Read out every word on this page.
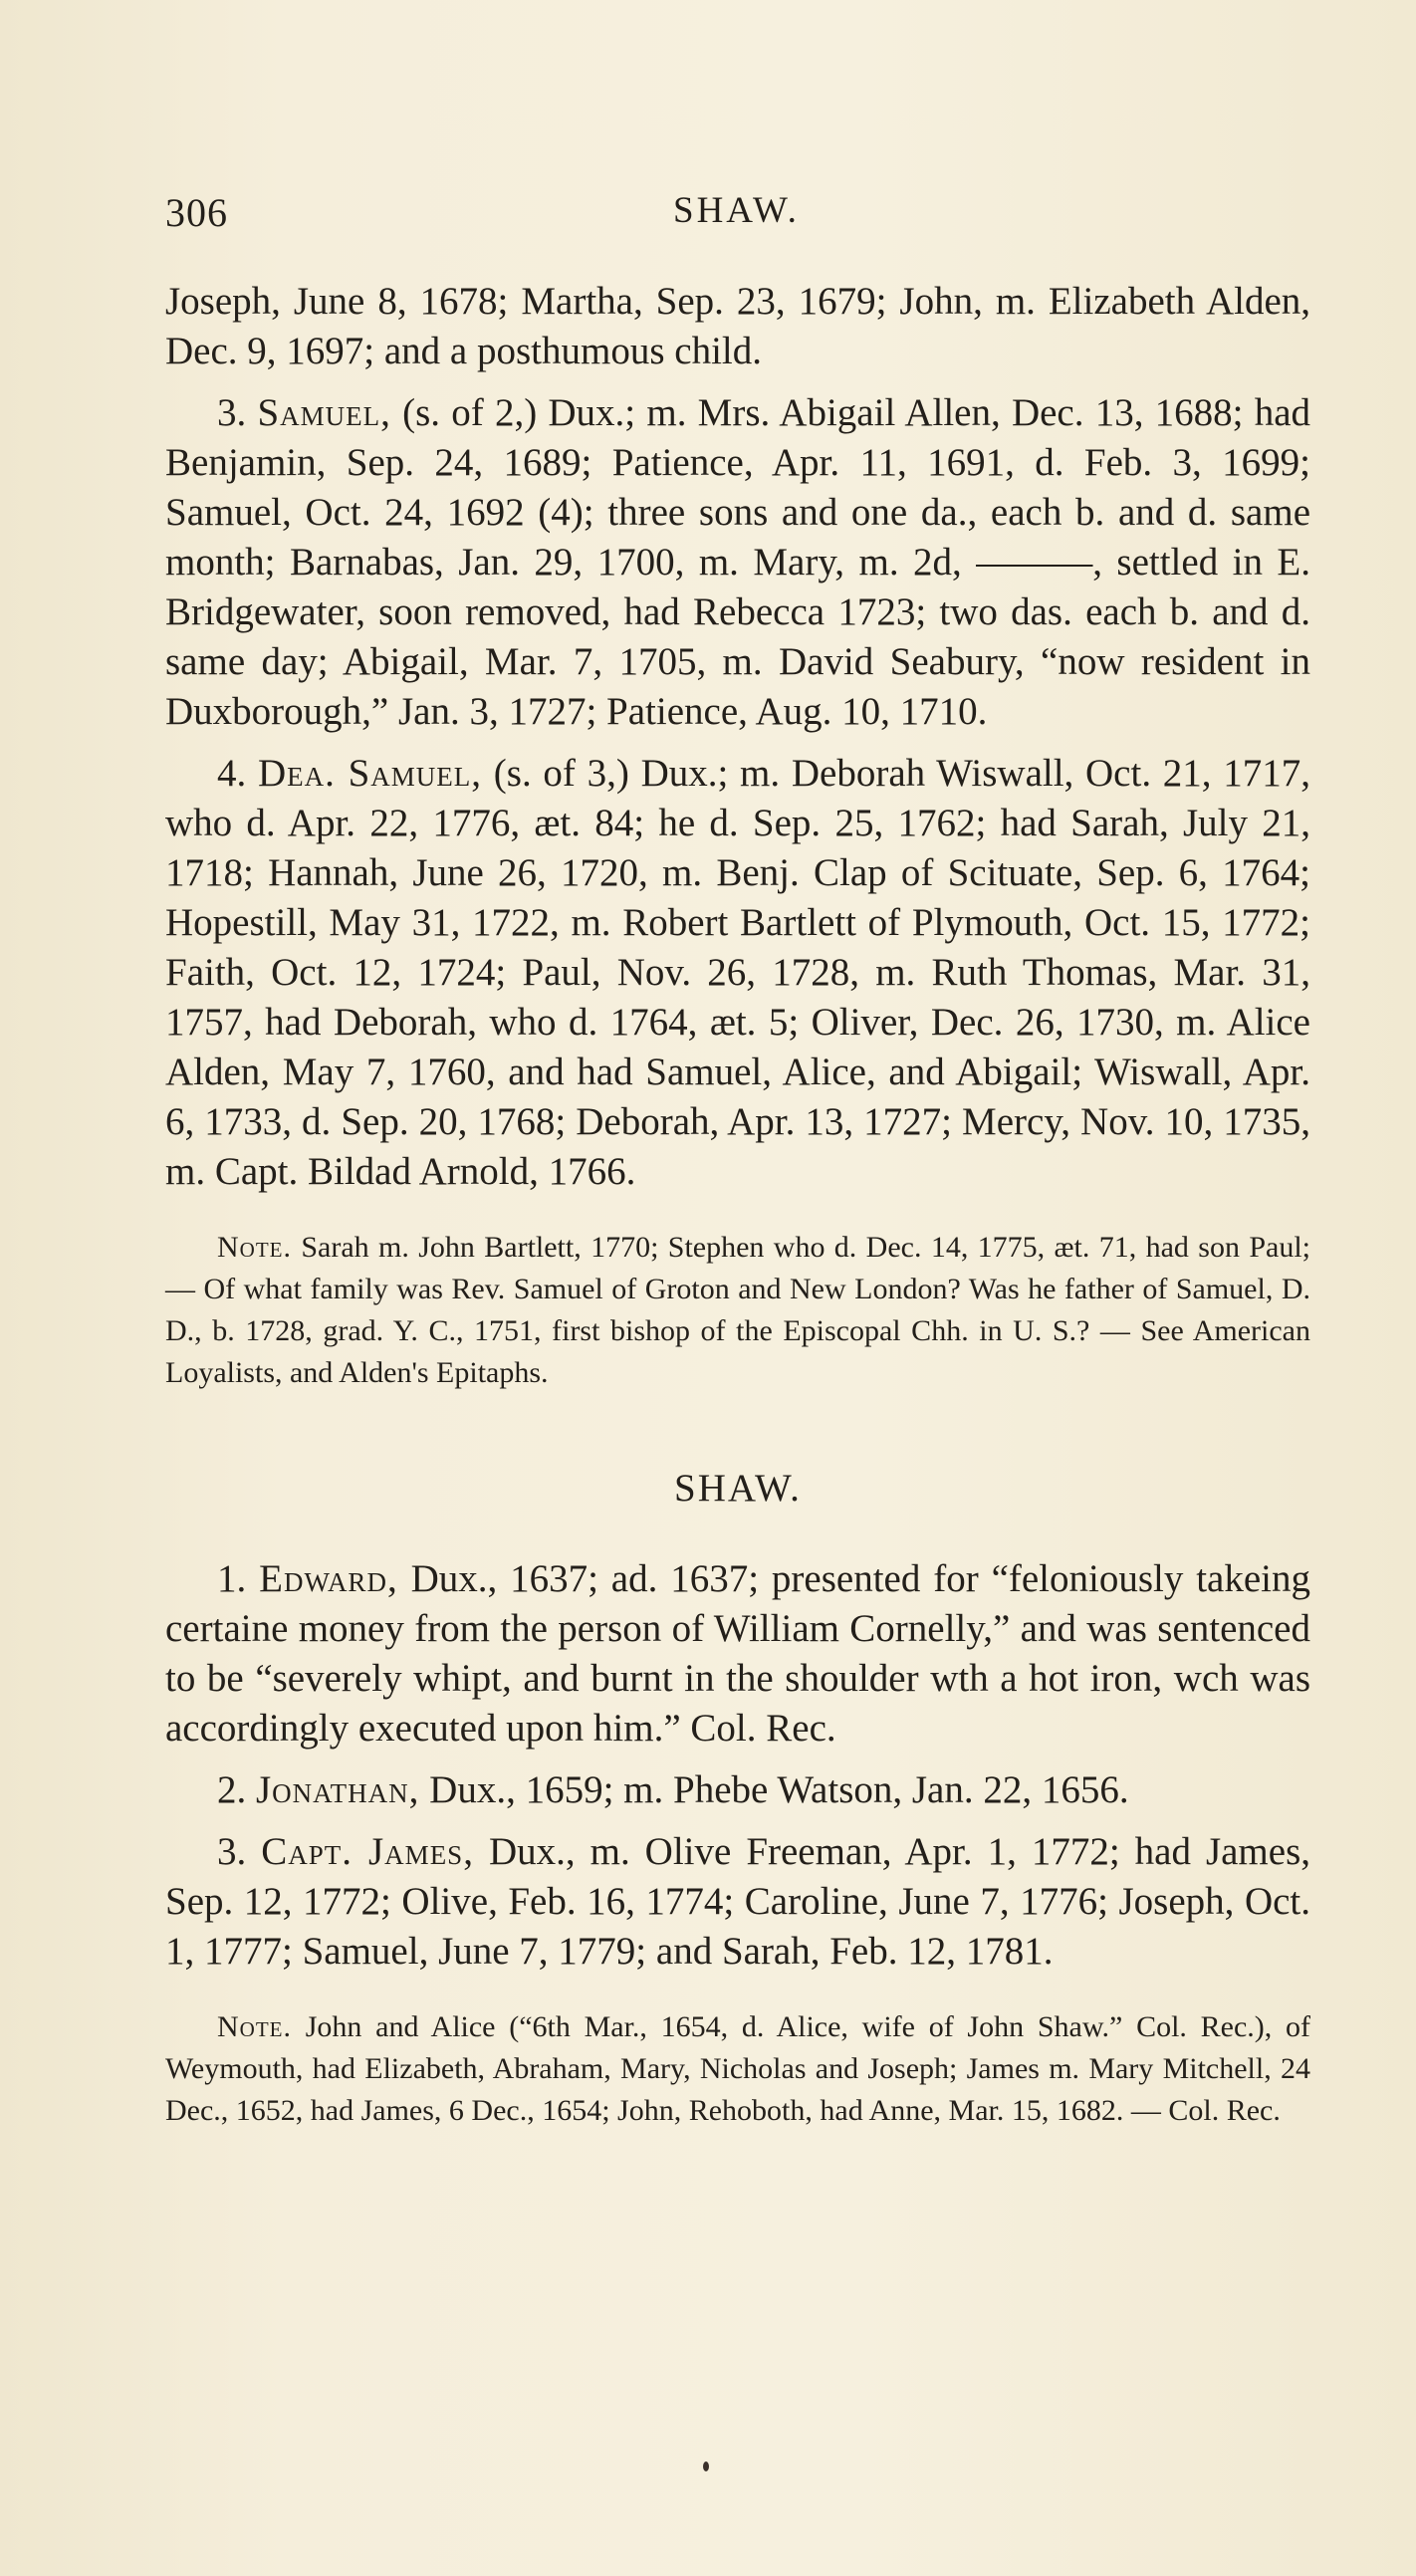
306	SHAW.

Joseph, June 8, 1678; Martha, Sep. 23, 1679; John, m. Elizabeth Alden, Dec. 9, 1697; and a posthumous child.

3. Samuel, (s. of 2,) Dux.; m. Mrs. Abigail Allen, Dec. 13, 1688; had Benjamin, Sep. 24, 1689; Patience, Apr. 11, 1691, d. Feb. 3, 1699; Samuel, Oct. 24, 1692 (4); three sons and one da., each b. and d. same month; Barnabas, Jan. 29, 1700, m. Mary, m. 2d, ———, settled in E. Bridgewater, soon removed, had Rebecca 1723; two das. each b. and d. same day; Abigail, Mar. 7, 1705, m. David Seabury, “now resident in Duxborough,” Jan. 3, 1727; Patience, Aug. 10, 1710.

4. Dea. Samuel, (s. of 3,) Dux.; m. Deborah Wiswall, Oct. 21, 1717, who d. Apr. 22, 1776, æt. 84; he d. Sep. 25, 1762; had Sarah, July 21, 1718; Hannah, June 26, 1720, m. Benj. Clap of Scituate, Sep. 6, 1764; Hopestill, May 31, 1722, m. Robert Bartlett of Plymouth, Oct. 15, 1772; Faith, Oct. 12, 1724; Paul, Nov. 26, 1728, m. Ruth Thomas, Mar. 31, 1757, had Deborah, who d. 1764, æt. 5; Oliver, Dec. 26, 1730, m. Alice Alden, May 7, 1760, and had Samuel, Alice, and Abigail; Wiswall, Apr. 6, 1733, d. Sep. 20, 1768; Deborah, Apr. 13, 1727; Mercy, Nov. 10, 1735, m. Capt. Bildad Arnold, 1766.

Note. Sarah m. John Bartlett, 1770; Stephen who d. Dec. 14, 1775, æt. 71, had son Paul; — Of what family was Rev. Samuel of Groton and New London? Was he father of Samuel, D. D., b. 1728, grad. Y. C., 1751, first bishop of the Episcopal Chh. in U. S.? — See American Loyalists, and Alden's Epitaphs.

SHAW.

1. Edward, Dux., 1637; ad. 1637; presented for “feloniously takeing certaine money from the person of William Cornelly,” and was sentenced to be “severely whipt, and burnt in the shoulder wth a hot iron, wch was accordingly executed upon him.” Col. Rec.

2. Jonathan, Dux., 1659; m. Phebe Watson, Jan. 22, 1656.

3. Capt. James, Dux., m. Olive Freeman, Apr. 1, 1772; had James, Sep. 12, 1772; Olive, Feb. 16, 1774; Caroline, June 7, 1776; Joseph, Oct. 1, 1777; Samuel, June 7, 1779; and Sarah, Feb. 12, 1781.

Note. John and Alice (“6th Mar., 1654, d. Alice, wife of John Shaw.” Col. Rec.), of Weymouth, had Elizabeth, Abraham, Mary, Nicholas and Joseph; James m. Mary Mitchell, 24 Dec., 1652, had James, 6 Dec., 1654; John, Rehoboth, had Anne, Mar. 15, 1682. — Col. Rec.
